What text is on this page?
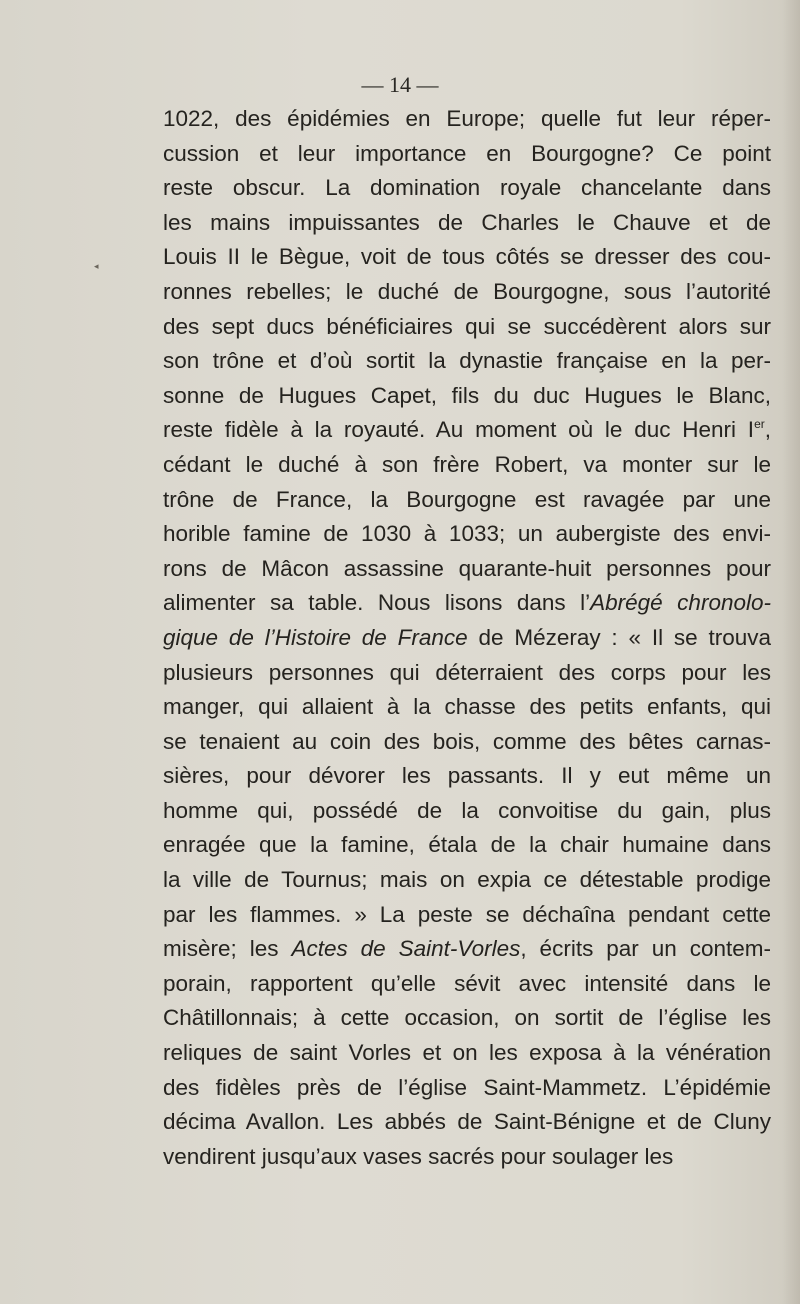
— 14 —
◂
1022, des épidémies en Europe; quelle fut leur réper-
cussion et leur importance en Bourgogne? Ce point
reste obscur. La domination royale chancelante dans
les mains impuissantes de Charles le Chauve et de
Louis II le Bègue, voit de tous côtés se dresser des cou-
ronnes rebelles; le duché de Bourgogne, sous l’autorité
des sept ducs bénéficiaires qui se succédèrent alors sur
son trône et d’où sortit la dynastie française en la per-
sonne de Hugues Capet, fils du duc Hugues le Blanc,
reste fidèle à la royauté. Au moment où le duc Henri Ier,
cédant le duché à son frère Robert, va monter sur le
trône de France, la Bourgogne est ravagée par une
horible famine de 1030 à 1033; un aubergiste des envi-
rons de Mâcon assassine quarante-huit personnes pour
alimenter sa table. Nous lisons dans l’Abrégé chronolo-
gique de l’Histoire de France de Mézeray : « Il se trouva
plusieurs personnes qui déterraient des corps pour les
manger, qui allaient à la chasse des petits enfants, qui
se tenaient au coin des bois, comme des bêtes carnas-
sières, pour dévorer les passants. Il y eut même un
homme qui, possédé de la convoitise du gain, plus
enragée que la famine, étala de la chair humaine dans
la ville de Tournus; mais on expia ce détestable prodige
par les flammes. » La peste se déchaîna pendant cette
misère; les Actes de Saint-Vorles, écrits par un contem-
porain, rapportent qu’elle sévit avec intensité dans le
Châtillonnais; à cette occasion, on sortit de l’église les
reliques de saint Vorles et on les exposa à la vénération
des fidèles près de l’église Saint-Mammetz. L’épidémie
décima Avallon. Les abbés de Saint-Bénigne et de Cluny
vendirent jusqu’aux vases sacrés pour soulager les
